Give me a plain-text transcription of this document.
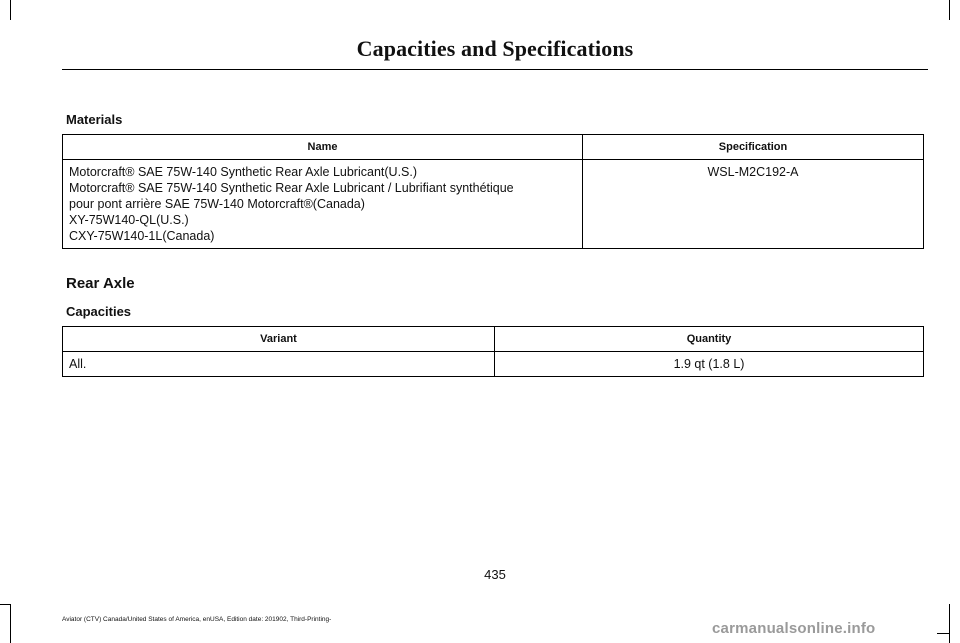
Capacities and Specifications
Materials
Name	Specification

Motorcraft® SAE 75W-140 Synthetic Rear Axle Lubricant(U.S.)
Motorcraft® SAE 75W-140 Synthetic Rear Axle Lubricant / Lubrifiant synthétique
pour pont arrière SAE 75W-140 Motorcraft®(Canada)
XY-75W140-QL(U.S.)
CXY-75W140-1L(Canada)	WSL-M2C192-A
Rear Axle
Capacities
Variant	Quantity
All.	1.9 qt (1.8 L)
435
Aviator (CTV) Canada/United States of America, enUSA, Edition date: 201902, Third-Printing-
carmanualsonline.info
